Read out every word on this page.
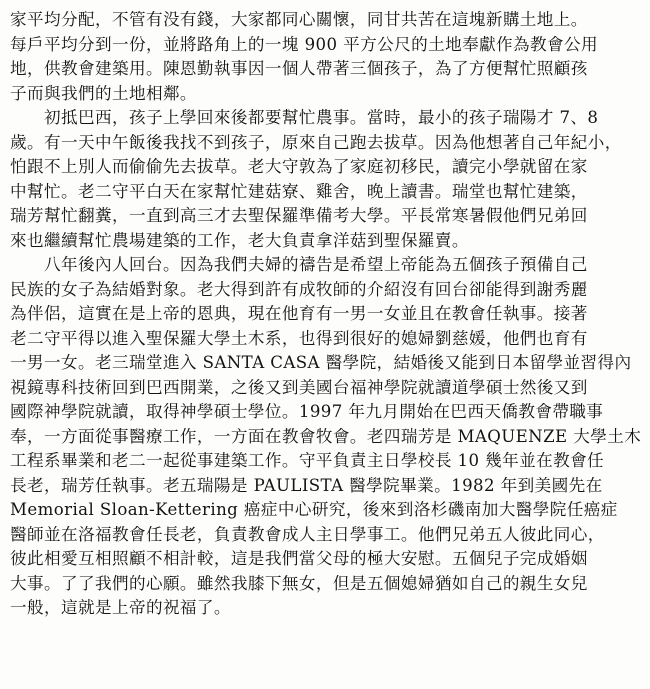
家平均分配，不管有没有錢，大家都同心關懷，同甘共苦在這塊新購土地上。
每戶平均分到一份，並將路角上的一塊 900 平方公尺的土地奉獻作為教會公用
地，供教會建築用。陳恩勤執事因一個人帶著三個孩子，為了方便幫忙照顧孩
子而與我們的土地相鄰。
　　初抵巴西，孩子上學回來後都要幫忙農事。當時，最小的孩子瑞陽才 7、8
歲。有一天中午飯後我找不到孩子，原來自己跑去拔草。因為他想著自己年紀小，
怕跟不上別人而偷偷先去拔草。老大守敦為了家庭初移民，讀完小學就留在家
中幫忙。老二守平白天在家幫忙建菇寮、雞舍，晚上讀書。瑞堂也幫忙建築，
瑞芳幫忙翻糞，一直到高三才去聖保羅準備考大學。平長常寒暑假他們兄弟回
來也繼續幫忙農場建築的工作，老大負責拿洋菇到聖保羅賣。
　　八年後內人回台。因為我們夫婦的禱告是希望上帝能為五個孩子預備自己
民族的女子為結婚對象。老大得到許有成牧師的介紹沒有回台卻能得到謝秀麗
為伴侶，這實在是上帝的恩典，現在他育有一男一女並且在教會任執事。接著
老二守平得以進入聖保羅大學土木系，也得到很好的媳婦劉慈媛，他們也育有
一男一女。老三瑞堂進入 SANTA CASA 醫學院，結婚後又能到日本留學並習得內
視鏡專科技術回到巴西開業，之後又到美國台福神學院就讀道學碩士然後又到
國際神學院就讀，取得神學碩士學位。1997 年九月開始在巴西天僑教會帶職事
奉，一方面從事醫療工作，一方面在教會牧會。老四瑞芳是 MAQUENZE 大學土木
工程系畢業和老二一起從事建築工作。守平負責主日學校長 10 幾年並在教會任
長老，瑞芳任執事。老五瑞陽是 PAULISTA 醫學院畢業。1982 年到美國先在
Memorial Sloan-Kettering 癌症中心研究，後來到洛杉磯南加大醫學院任癌症
醫師並在洛福教會任長老，負責教會成人主日學事工。他們兄弟五人彼此同心，
彼此相愛互相照顧不相計較，這是我們當父母的極大安慰。五個兒子完成婚姻
大事。了了我們的心願。雖然我膝下無女，但是五個媳婦猶如自己的親生女兒
一般，這就是上帝的祝福了。
